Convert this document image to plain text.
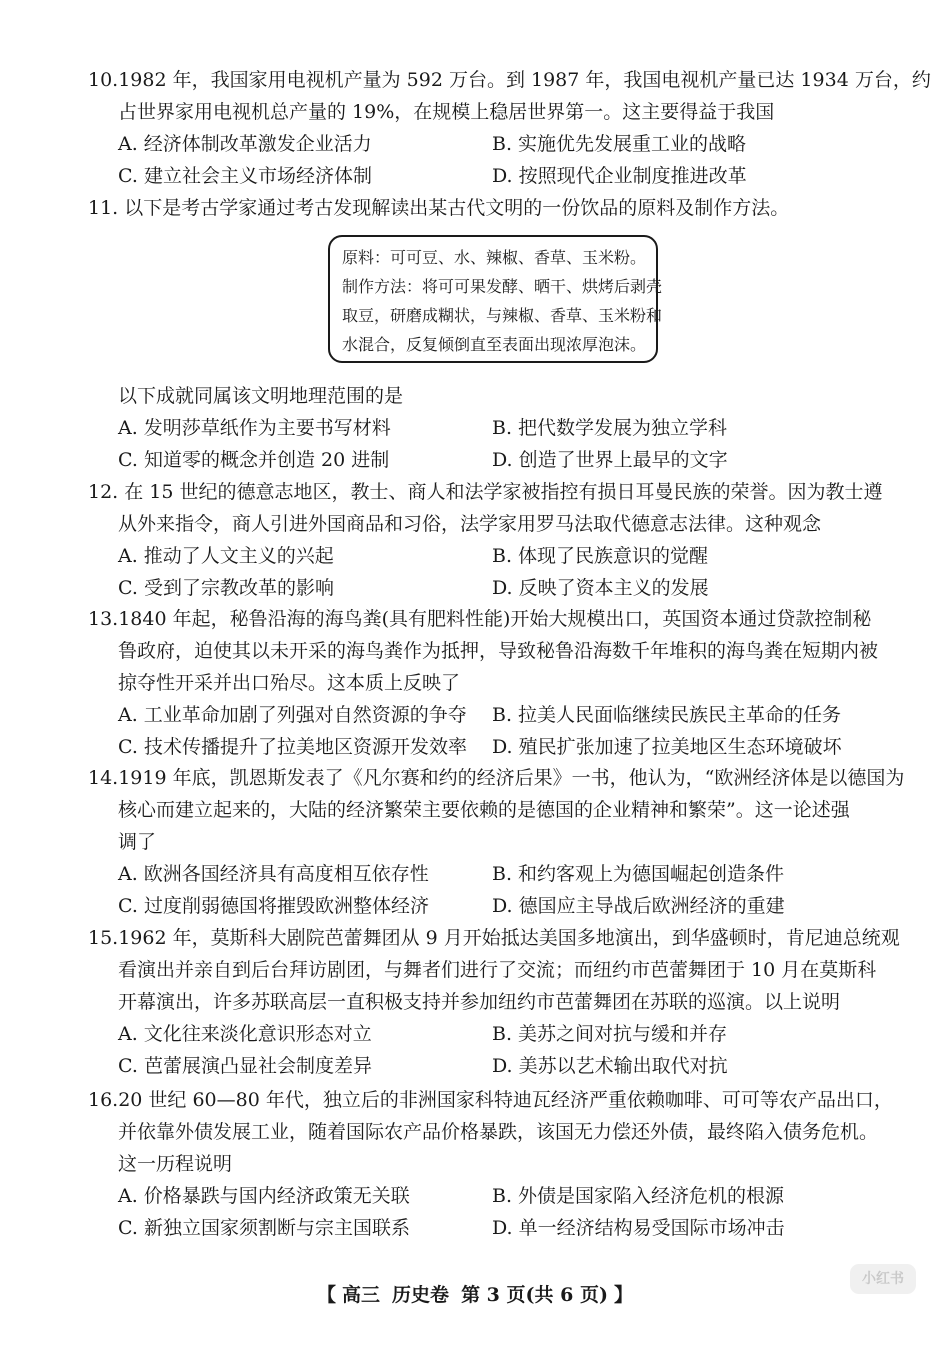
10.1982 年，我国家用电视机产量为 592 万台。到 1987 年，我国电视机产量已达 1934 万台，约
占世界家用电视机总产量的 19%，在规模上稳居世界第一。这主要得益于我国
A. 经济体制改革激发企业活力	B. 实施优先发展重工业的战略
C. 建立社会主义市场经济体制	D. 按照现代企业制度推进改革
11. 以下是考古学家通过考古发现解读出某古代文明的一份饮品的原料及制作方法。
原料：可可豆、水、辣椒、香草、玉米粉。
制作方法：将可可果发酵、晒干、烘烤后剥壳
取豆，研磨成糊状，与辣椒、香草、玉米粉和
水混合，反复倾倒直至表面出现浓厚泡沫。
以下成就同属该文明地理范围的是
A. 发明莎草纸作为主要书写材料	B. 把代数学发展为独立学科
C. 知道零的概念并创造 20 进制	D. 创造了世界上最早的文字
12. 在 15 世纪的德意志地区，教士、商人和法学家被指控有损日耳曼民族的荣誉。因为教士遵
从外来指令，商人引进外国商品和习俗，法学家用罗马法取代德意志法律。这种观念
A. 推动了人文主义的兴起	B. 体现了民族意识的觉醒
C. 受到了宗教改革的影响	D. 反映了资本主义的发展
13.1840 年起，秘鲁沿海的海鸟粪(具有肥料性能)开始大规模出口，英国资本通过贷款控制秘
鲁政府，迫使其以未开采的海鸟粪作为抵押，导致秘鲁沿海数千年堆积的海鸟粪在短期内被
掠夺性开采并出口殆尽。这本质上反映了
A. 工业革命加剧了列强对自然资源的争夺	B. 拉美人民面临继续民族民主革命的任务
C. 技术传播提升了拉美地区资源开发效率	D. 殖民扩张加速了拉美地区生态环境破坏
14.1919 年底，凯恩斯发表了《凡尔赛和约的经济后果》一书，他认为，“欧洲经济体是以德国为
核心而建立起来的，大陆的经济繁荣主要依赖的是德国的企业精神和繁荣”。这一论述强
调了
A. 欧洲各国经济具有高度相互依存性	B. 和约客观上为德国崛起创造条件
C. 过度削弱德国将摧毁欧洲整体经济	D. 德国应主导战后欧洲经济的重建
15.1962 年，莫斯科大剧院芭蕾舞团从 9 月开始抵达美国多地演出，到华盛顿时，肯尼迪总统观
看演出并亲自到后台拜访剧团，与舞者们进行了交流；而纽约市芭蕾舞团于 10 月在莫斯科
开幕演出，许多苏联高层一直积极支持并参加纽约市芭蕾舞团在苏联的巡演。以上说明
A. 文化往来淡化意识形态对立	B. 美苏之间对抗与缓和并存
C. 芭蕾展演凸显社会制度差异	D. 美苏以艺术输出取代对抗
16.20 世纪 60—80 年代，独立后的非洲国家科特迪瓦经济严重依赖咖啡、可可等农产品出口，
并依靠外债发展工业，随着国际农产品价格暴跌，该国无力偿还外债，最终陷入债务危机。
这一历程说明
A. 价格暴跌与国内经济政策无关联	B. 外债是国家陷入经济危机的根源
C. 新独立国家须割断与宗主国联系	D. 单一经济结构易受国际市场冲击
【 高三 历史卷 第 3 页(共 6 页) 】
小红书
